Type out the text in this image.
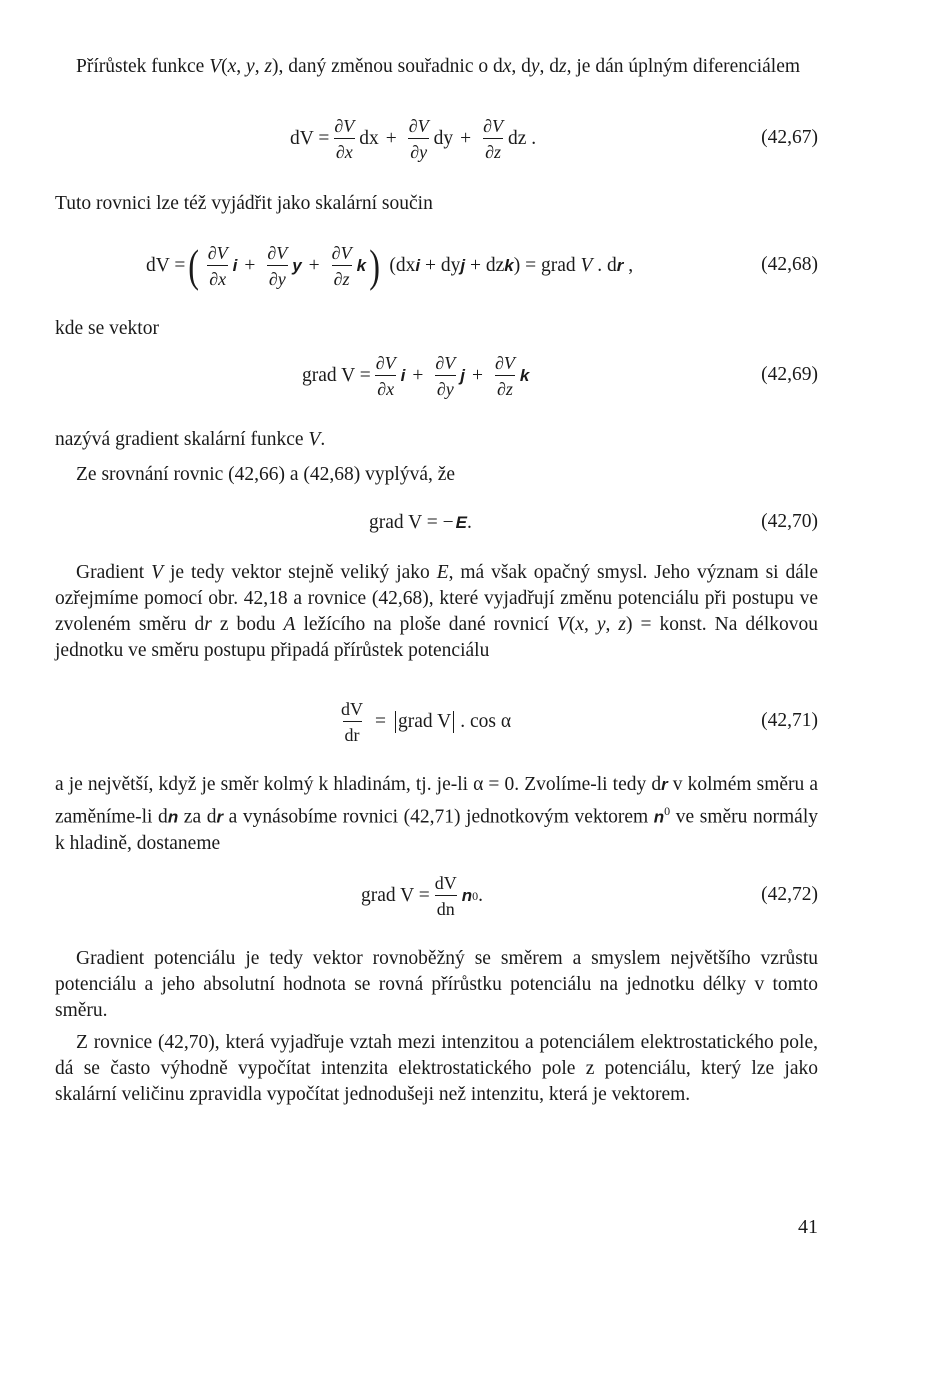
Přírůstek funkce V(x, y, z), daný změnou souřadnic o dx, dy, dz, je dán úplným diferenciálem

dV = $\frac{\partial V}{\partial x}$ dx + $\frac{\partial V}{\partial y}$ dy + $\frac{\partial V}{\partial z}$ dz .	(42,67)

Tuto rovnici lze též vyjádřit jako skalární součin

dV = ( $\frac{\partial V}{\partial x}$ $i + \frac{\partial V}{\partial y}$ $y + \frac{\partial V}{\partial z}$ k ) (dxi + dyj + dzk) = grad V . dr ,	(42,68)

kde se vektor

grad $V = \frac{\partial V}{\partial x}$ $i + \frac{\partial V}{\partial y}$ $j + \frac{\partial V}{\partial z}$ k	(42,69)

nazývá gradient skalární funkce V.

Ze srovnání rovnic (42,66) a (42,68) vyplývá, že

grad V = − E .	(42,70)

Gradient V je tedy vektor stejně veliký jako E, má však opačný smysl. Jeho význam si dále ozřejmíme pomocí obr. 42,18 a rovnice (42,68), které vyjadřují změnu potenciálu při postupu ve zvoleném směru dr z bodu A ležícího na ploše dané rovnicí V(x, y, z) = konst. Na délkovou jednotku ve směru postupu připadá přírůstek potenciálu

$\frac{dV}{dr}$ = grad V . cos α	(42,71)

a je největší, když je směr kolmý k hladinám, tj. je-li α = 0. Zvolíme-li tedy dr v kolmém směru a zaměníme-li dn za dr a vynásobíme rovnici (42,71) jednotkovým vektorem $n^0$ ve směru normály k hladině, dostaneme

grad $V = \frac{dV}{dn}$ n 0 .	(42,72)

Gradient potenciálu je tedy vektor rovnoběžný se směrem a smyslem největšího vzrůstu potenciálu a jeho absolutní hodnota se rovná přírůstku potenciálu na jednotku délky v tomto směru.

Z rovnice (42,70), která vyjadřuje vztah mezi intenzitou a potenciálem elektrostatického pole, dá se často výhodně vypočítat intenzita elektrostatického pole z potenciálu, který lze jako skalární veličinu zpravidla vypočítat jednodušeji než intenzitu, která je vektorem.

41
